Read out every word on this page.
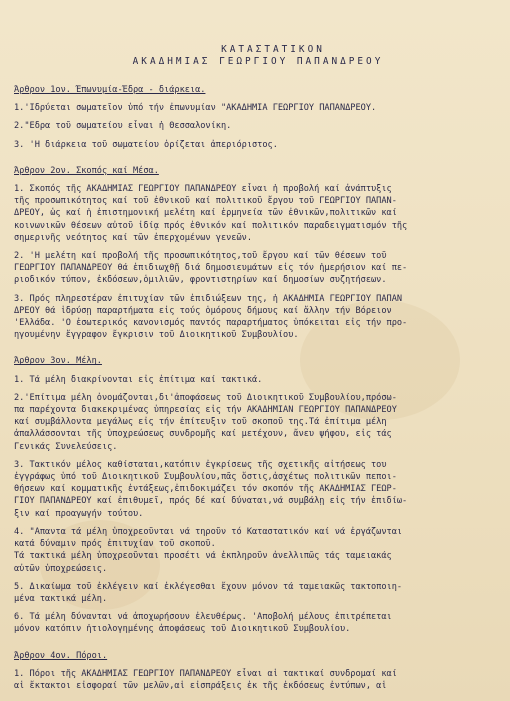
ΚΑΤΑΣΤΑΤΙΚΟΝ
ΑΚΑΔΗΜΙΑΣ ΓΕΩΡΓΙΟΥ ΠΑΠΑΝΔΡΕΟΥ
Άρθρον 1ον. Έπωνυμία-Έδρα - διάρκεια.
1.'Ιδρύεται σωματεῖον ὑπό τήν ἐπωνυμίαν "ΑΚΑΔΗΜΙΑ ΓΕΩΡΓΙΟΥ ΠΑΠΑΝΔΡΕΟΥ.
2."Εδρα τοῦ σωματείου εἶναι ἡ Θεσσαλονίκη.
3. 'Η διάρκεια τοῦ σωματείου ὁρίζεται ἀπεριόριστος.
Άρθρον 2ον. Σκοπός καί Μέσα.
1. Σκοπός τῆς ΑΚΑΔΗΜΙΑΣ ΓΕΩΡΓΙΟΥ ΠΑΠΑΝΔΡΕΟΥ εἶναι ἡ προβολή καί ἀνάπτυξις
τῆς προσωπικότητος καί τοῦ ἐθνικοῦ καί πολιτικοῦ ἔργου τοῦ ΓΕΩΡΓΙΟΥ ΠΑΠΑΝ-
ΔΡΕΟΥ, ὡς καί ἡ ἐπιστημονική μελέτη καί ἑρμηνεία τῶν ἐθνικῶν,πολιτικῶν καί
κοινωνικῶν θέσεων αὐτοῦ ἰδίᾳ πρός ἐθνικόν καί πολιτικόν παραδειγματισμόν τῆς
σημερινῆς νεότητος καί τῶν ἐπερχομένων γενεῶν.
2. 'Η μελέτη καί προβολή τῆς προσωπικότητος,τοῦ ἔργου καί τῶν θέσεων τοῦ
ΓΕΩΡΓΙΟΥ ΠΑΠΑΝΔΡΕΟΥ θά ἐπιδιωχθῇ διά δημοσιευμάτων εἰς τόν ἡμερήσιον καί πε-
ριοδικόν τύπον, ἐκδόσεων,ὁμιλιῶν, φροντιστηρίων καί δημοσίων συζητήσεων.
3. Πρός πληρεστέραν ἐπιτυχίαν τῶν ἐπιδιώξεων της, ἡ ΑΚΑΔΗΜΙΑ ΓΕΩΡΓΙΟΥ ΠΑΠΑΝ
ΔΡΕΟΥ θά ἱδρύσῃ παραρτήματα εἰς τούς ὁμόρους δήμους καί ἄλλην τήν Βόρειον
'Ελλάδα. 'Ο ἐσωτερικός κανονισμός παντός παραρτήματος ὑπόκειται εἰς τήν προ-
ηγουμένην ἔγγραφον ἔγκρισιν τοῦ Διοικητικοῦ Συμβουλίου.
Άρθρον 3ον. Μέλη.
1. Τά μέλη διακρίνονται εἰς ἐπίτιμα καί τακτικά.
2.'Επίτιμα μέλη ὀνομάζονται,δι'ἀποφάσεως τοῦ Διοικητικοῦ Συμβουλίου,πρόσω-
πα παρέχοντα διακεκριμένας ὑπηρεσίας εἰς τήν ΑΚΑΔΗΜΙΑΝ ΓΕΩΡΓΙΟΥ ΠΑΠΑΝΔΡΕΟΥ
καί συμβάλλοντα μεγάλως εἰς τήν ἐπίτευξιν τοῦ σκοποῦ της.Τά ἐπίτιμα μέλη
ἀπαλλάσσονται τῆς ὑποχρεώσεως συνδρομῆς καί μετέχουν, ἄνευ ψήφου, εἰς τάς
Γενικάς Συνελεύσεις.
3. Τακτικόν μέλος καθίσταται,κατόπιν ἐγκρίσεως τῆς σχετικῆς αἰτήσεως του
ἐγγράφως ὑπό τοῦ Διοικητικοῦ Συμβουλίου,πᾶς ὅστις,ἀσχέτως πολιτικῶν πεποι-
θήσεων καί κομματικῆς ἐντάξεως,ἐπιδοκιμάζει τόν σκοπόν τῆς ΑΚΑΔΗΜΙΑΣ ΓΕΩΡ-
ΓΙΟΥ ΠΑΠΑΝΔΡΕΟΥ καί ἐπιθυμεῖ, πρός δέ καί δύναται,νά συμβάλῃ εἰς τήν ἐπιδίω-
ξιν καί προαγωγήν τούτου.
4. "Απαντα τά μέλη ὑποχρεοῦνται νά τηροῦν τό Καταστατικόν καί νά ἐργάζωνται
κατά δύναμιν πρός ἐπιτυχίαν τοῦ σκοποῦ.
Τά τακτικά μέλη ὑποχρεοῦνται προσέτι νά ἐκπληροῦν ἀνελλιπῶς τάς ταμειακάς
αὐτῶν ὑποχρεώσεις.
5. Δικαίωμα τοῦ ἐκλέγειν καί ἐκλέγεσθαι ἔχουν μόνον τά ταμειακῶς τακτοποιη-
μένα τακτικά μέλη.
6. Τά μέλη δύνανται νά ἀποχωρήσουν ἐλευθέρως. 'Αποβολή μέλους ἐπιτρέπεται
μόνον κατόπιν ἠτιολογημένης ἀποφάσεως τοῦ Διοικητικοῦ Συμβουλίου.
Άρθρον 4ον. Πόροι.
1. Πόροι τῆς ΑΚΑΔΗΜΙΑΣ ΓΕΩΡΓΙΟΥ ΠΑΠΑΝΔΡΕΟΥ εἶναι αἱ τακτικαί συνδρομαί καί
αἱ ἔκτακτοι εἰσφοραί τῶν μελῶν,αἱ εἰσπράξεις ἐκ τῆς ἐκδόσεως ἐντύπων, αἱ
